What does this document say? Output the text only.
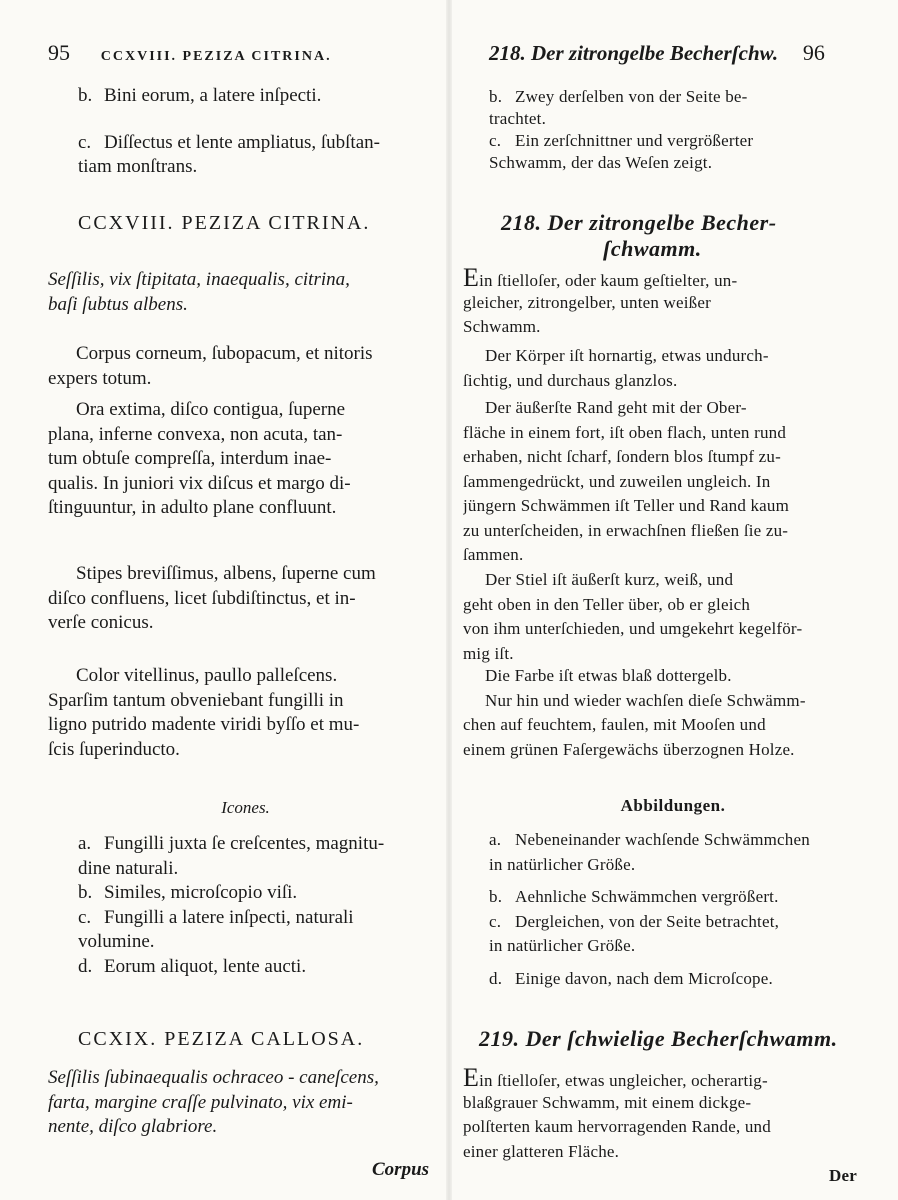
95 CCXVIII. PEZIZA CITRINA.
b. Bini eorum, a latere inſpecti.
c. Diſſectus et lente ampliatus, ſubſtan-
tiam monſtrans.
CCXVIII. PEZIZA CITRINA.
Seſſilis, vix ſtipitata, inaequalis, citrina,
baſi ſubtus albens.
Corpus corneum, ſubopacum, et nitoris
expers totum.
Ora extima, diſco contigua, ſuperne
plana, inferne convexa, non acuta, tan-
tum obtuſe compreſſa, interdum inae-
qualis. In juniori vix diſcus et margo di-
ſtinguuntur, in adulto plane confluunt.
Stipes breviſſimus, albens, ſuperne cum
diſco confluens, licet ſubdiſtinctus, et in-
verſe conicus.
Color vitellinus, paullo palleſcens.
Sparſim tantum obveniebant fungilli in
ligno putrido madente viridi byſſo et mu-
ſcis ſuperinducto.
Icones.
a. Fungilli juxta ſe creſcentes, magnitu-
dine naturali.
b. Similes, microſcopio viſi.
c. Fungilli a latere inſpecti, naturali
volumine.
d. Eorum aliquot, lente aucti.
CCXIX. PEZIZA CALLOSA.
Seſſilis ſubinaequalis ochraceo - caneſcens,
farta, margine craſſe pulvinato, vix emi-
nente, diſco glabriore.
Corpus
218. Der zitrongelbe Becherſchw. 96
b. Zwey derſelben von der Seite be-
trachtet.
c. Ein zerſchnittner und vergrößerter
Schwamm, der das Weſen zeigt.
218. Der zitrongelbe Becher-
ſchwamm.
Ein ſtielloſer, oder kaum geſtielter, un-
gleicher, zitrongelber, unten weißer
Schwamm.
Der Körper iſt hornartig, etwas undurch-
ſichtig, und durchaus glanzlos.
Der äußerſte Rand geht mit der Ober-
fläche in einem fort, iſt oben flach, unten rund
erhaben, nicht ſcharf, ſondern blos ſtumpf zu-
ſammengedrückt, und zuweilen ungleich. In
jüngern Schwämmen iſt Teller und Rand kaum
zu unterſcheiden, in erwachſnen fließen ſie zu-
ſammen.
Der Stiel iſt äußerſt kurz, weiß, und
geht oben in den Teller über, ob er gleich
von ihm unterſchieden, und umgekehrt kegelför-
mig iſt.
Die Farbe iſt etwas blaß dottergelb.
Nur hin und wieder wachſen dieſe Schwämm-
chen auf feuchtem, faulen, mit Mooſen und
einem grünen Faſergewächs überzognen Holze.
Abbildungen.
a. Nebeneinander wachſende Schwämmchen
in natürlicher Größe.
b. Aehnliche Schwämmchen vergrößert.
c. Dergleichen, von der Seite betrachtet,
in natürlicher Größe.
d. Einige davon, nach dem Microſcope.
219. Der ſchwielige Becherſchwamm.
Ein ſtielloſer, etwas ungleicher, ocherartig-
blaßgrauer Schwamm, mit einem dickge-
polſterten kaum hervorragenden Rande, und
einer glatteren Fläche.
Der
